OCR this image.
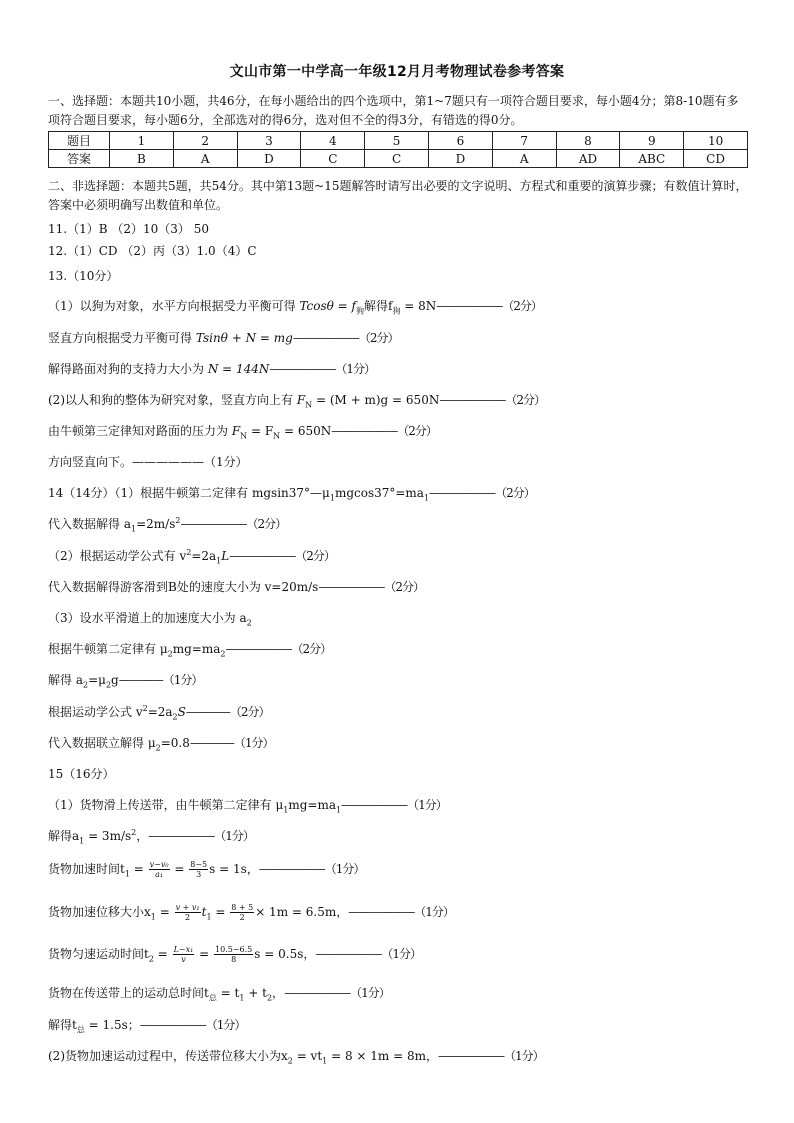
文山市第一中学高一年级12月月考物理试卷参考答案
一、选择题：本题共10小题，共46分，在每小题给出的四个选项中，第1~7题只有一项符合题目要求，每小题4分；第8-10题有多项符合题目要求，每小题6分，全部选对的得6分，选对但不全的得3分，有错选的得0分。
题目	1	2	3	4	5	6	7	8	9	10
答案	B	A	D	C	C	D	A	AD	ABC	CD
二、非选择题：本题共5题，共54分。其中第13题~15题解答时请写出必要的文字说明、方程式和重要的演算步骤；有数值计算时，答案中必须明确写出数值和单位。
11.（1）B （2）10（3） 50
12.（1）CD （2）丙（3）1.0（4）C
13.（10分）
（1）以狗为对象，水平方向根据受力平衡可得 $Tcos\theta = f_狗$解得$f_狗$ = 8N——————（2分）
竖直方向根据受力平衡可得 Tsinθ + N = mg——————（2分）
解得路面对狗的支持力大小为 N = 144N——————（1分）
(2)以人和狗的整体为研究对象，竖直方向上有 $F_N = (M + m)g$ = 650N——————（2分）
由牛顿第三定律知对路面的压力为 $F_N = F_N$ = 650N——————（2分）
方向竖直向下。——————（1分）
14（14分）（1）根据牛顿第二定律有 $mgsin37^\circ—\mu_1mgcos37^\circ=ma_1——————(2$分）
代入数据解得 $a_1=2m/s^2——————(2$分）
（2）根据运动学公式有 $v^2=2a_1L——————(2$分）
代入数据解得游客滑到B处的速度大小为 v=20m/s——————（2分）
（3）设水平滑道上的加速度大小为 $a_2$
根据牛顿第二定律有 $\mu_2mg=ma_2——————(2$分）
解得 $a_2=\mu_2g————(1$分）
根据运动学公式 $v^2=2a_2S————(2$分）
代入数据联立解得 $\mu_2=0.8————(1$分）
15（16分）
（1）货物滑上传送带，由牛顿第二定律有 $\mu_1mg=ma_1——————(1$分）
解得$a_1 = 3m/s^2$，——————（1分）
货物加速时间$t_1 = \frac{\text{v−v₀}}{\text{a₁}} = \frac{8-5}{3}$ s = 1s，——————（1分）
货物加速位移大小$x_1 = \frac{\text{v + v₁}}{2} t_1 = \frac{8 + 5}{2} \times 1m = 6.5m$，——————（1分）
货物匀速运动时间$t_2 = \frac{\text{L−x₁}}{v} = \frac{10.5-6.5}{8}$ s = 0.5s，——————（1分）
货物在传送带上的运动总时间$t_总 = t_1 + t_2$，——————（1分）
解得$t_总 = 1.5s$；——————（1分）
(2)货物加速运动过程中，传送带位移大小为$x_2 = vt_1 = 8 \times 1m = 8m$，——————（1分）
